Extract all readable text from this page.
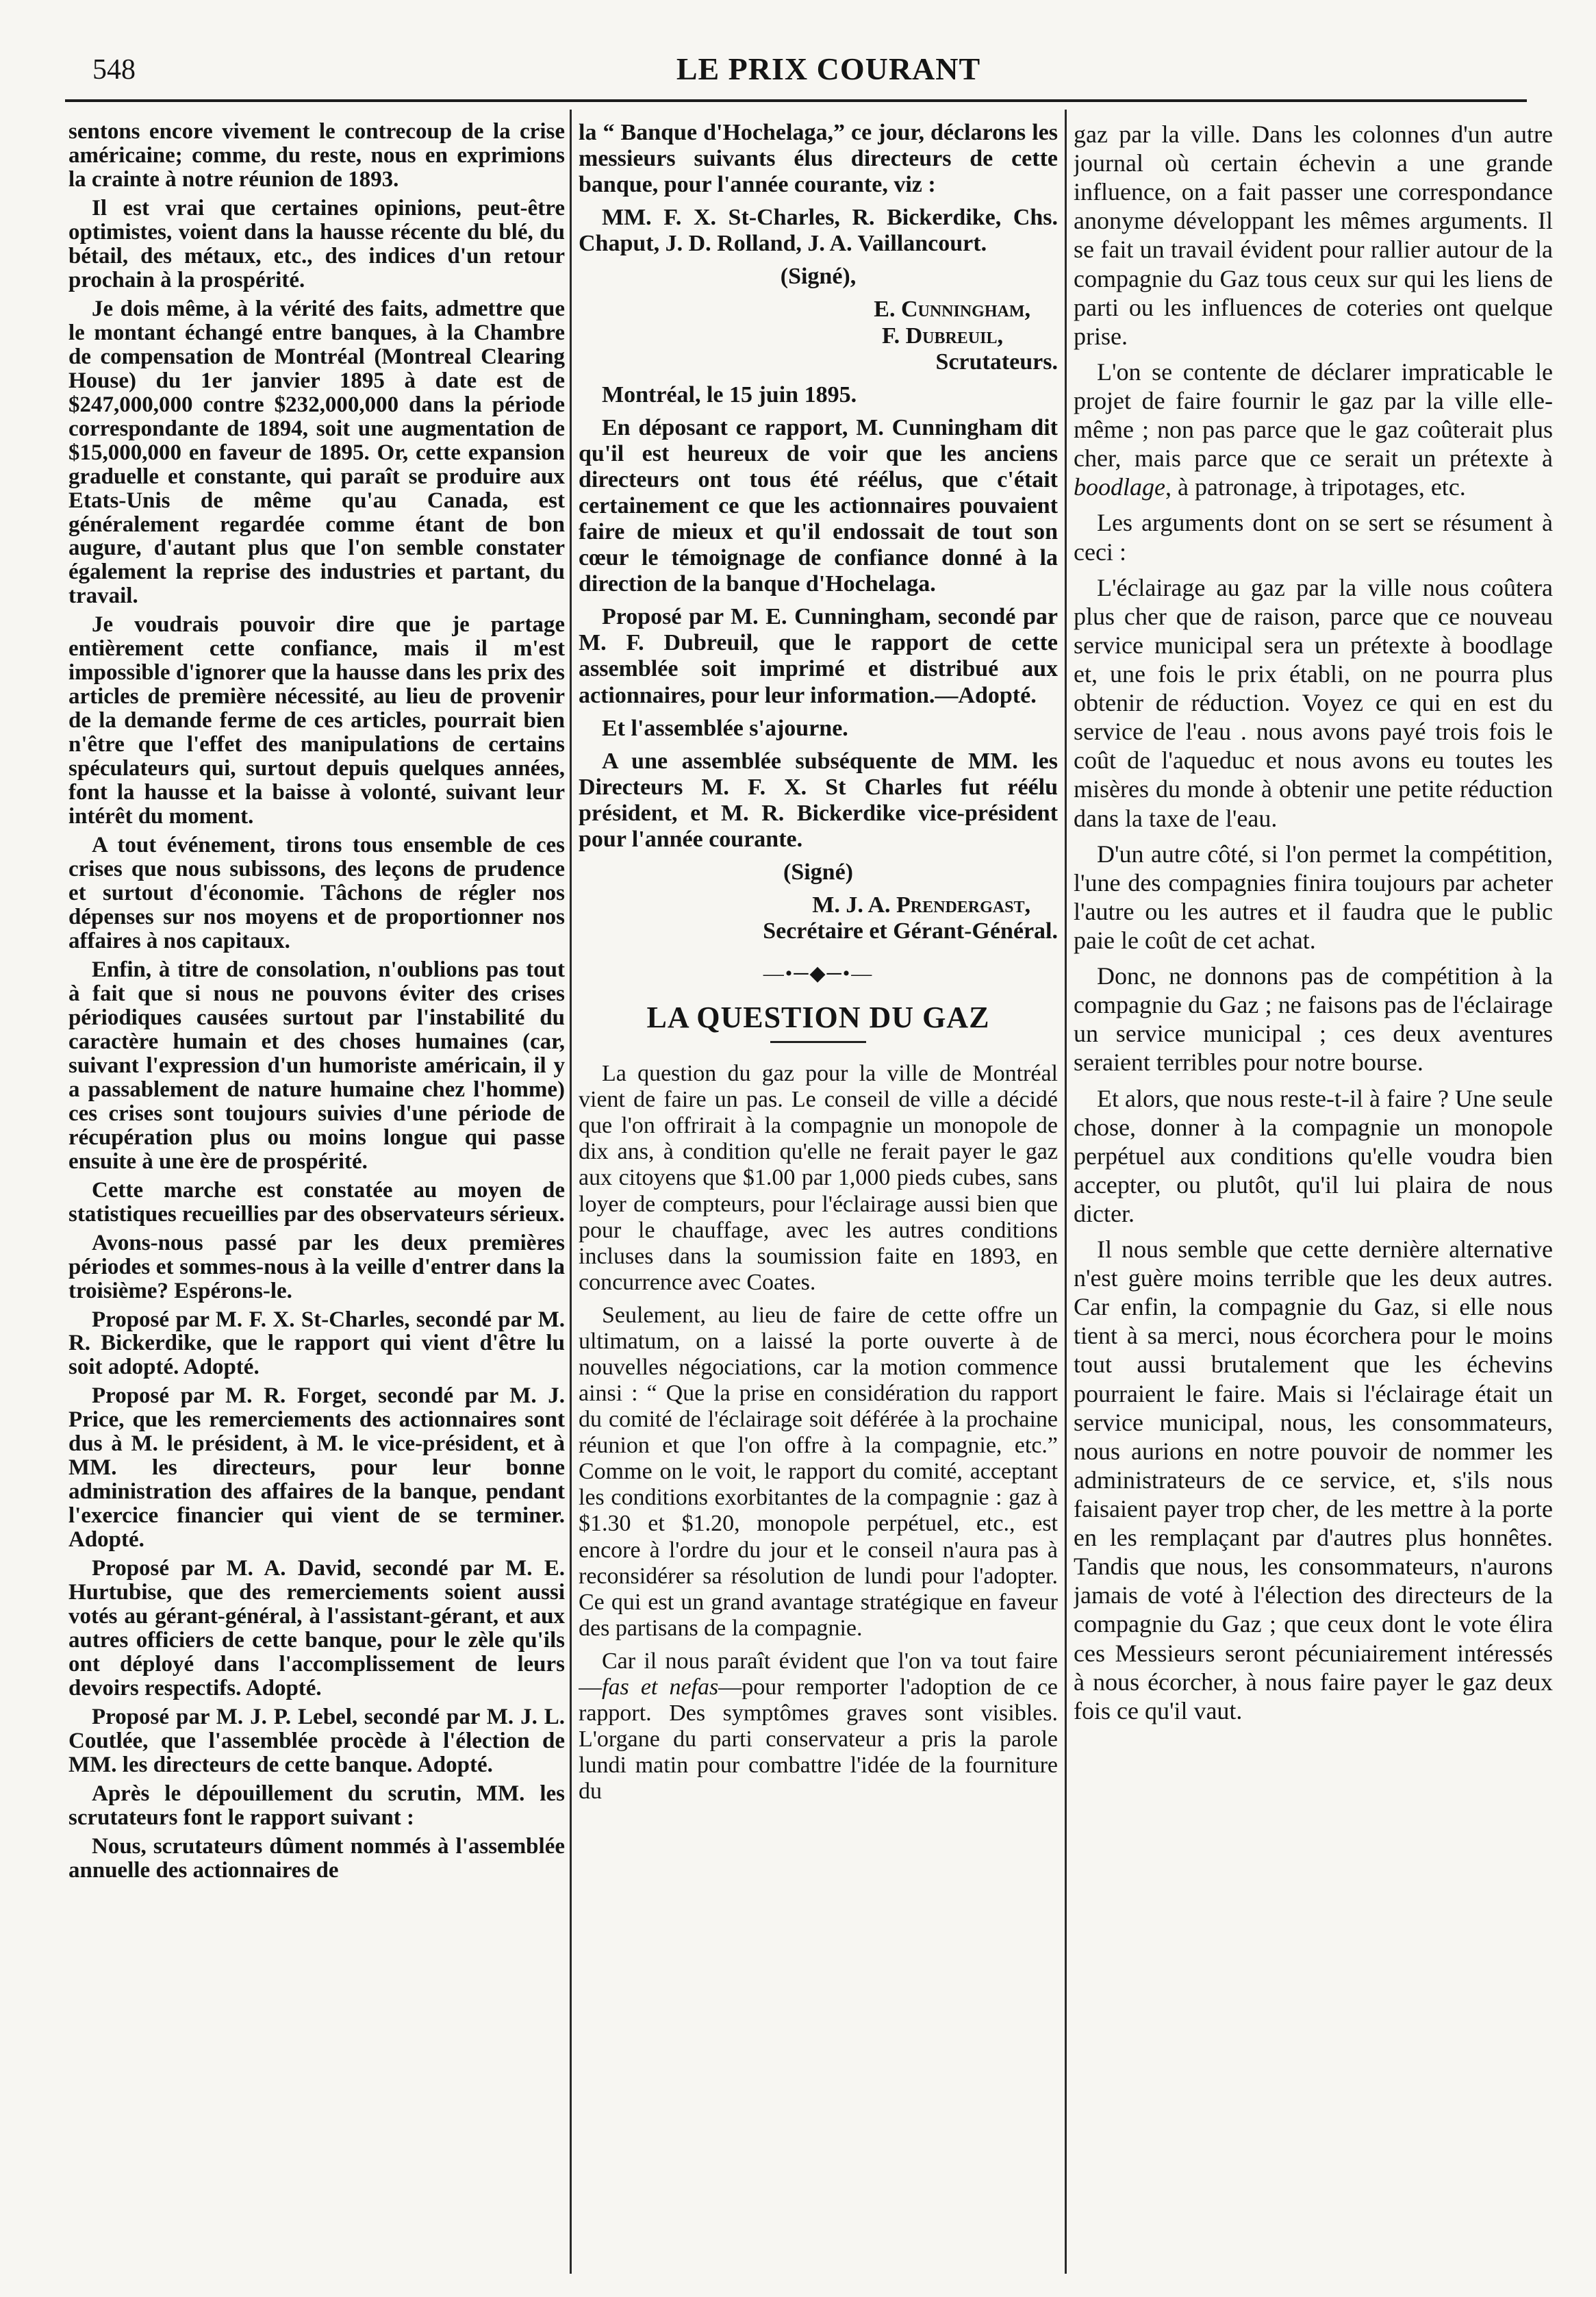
548	LE PRIX COURANT

sentons encore vivement le contrecoup de la crise américaine; comme, du reste, nous en exprimions la crainte à notre réunion de 1893.

Il est vrai que certaines opinions, peut-être optimistes, voient dans la hausse récente du blé, du bétail, des métaux, etc., des indices d'un retour prochain à la prospérité.

Je dois même, à la vérité des faits, admettre que le montant échangé entre banques, à la Chambre de compensation de Montréal (Montreal Clearing House) du 1er janvier 1895 à date est de $247,000,000 contre $232,000,000 dans la période correspondante de 1894, soit une augmentation de $15,000,000 en faveur de 1895. Or, cette expansion graduelle et constante, qui paraît se produire aux Etats-Unis de même qu'au Canada, est généralement regardée comme étant de bon augure, d'autant plus que l'on semble constater également la reprise des industries et partant, du travail.

Je voudrais pouvoir dire que je partage entièrement cette confiance, mais il m'est impossible d'ignorer que la hausse dans les prix des articles de première nécessité, au lieu de provenir de la demande ferme de ces articles, pourrait bien n'être que l'effet des manipulations de certains spéculateurs qui, surtout depuis quelques années, font la hausse et la baisse à volonté, suivant leur intérêt du moment.

A tout événement, tirons tous ensemble de ces crises que nous subissons, des leçons de prudence et surtout d'économie. Tâchons de régler nos dépenses sur nos moyens et de proportionner nos affaires à nos capitaux.

Enfin, à titre de consolation, n'oublions pas tout à fait que si nous ne pouvons éviter des crises périodiques causées surtout par l'instabilité du caractère humain et des choses humaines (car, suivant l'expression d'un humoriste américain, il y a passablement de nature humaine chez l'homme) ces crises sont toujours suivies d'une période de récupération plus ou moins longue qui passe ensuite à une ère de prospérité.

Cette marche est constatée au moyen de statistiques recueillies par des observateurs sérieux.

Avons-nous passé par les deux premières périodes et sommes-nous à la veille d'entrer dans la troisième? Espérons-le.

Proposé par M. F. X. St-Charles, secondé par M. R. Bickerdike, que le rapport qui vient d'être lu soit adopté. Adopté.

Proposé par M. R. Forget, secondé par M. J. Price, que les remerciements des actionnaires sont dus à M. le président, à M. le vice-président, et à MM. les directeurs, pour leur bonne administration des affaires de la banque, pendant l'exercice financier qui vient de se terminer. Adopté.

Proposé par M. A. David, secondé par M. E. Hurtubise, que des remerciements soient aussi votés au gérant-général, à l'assistant-gérant, et aux autres officiers de cette banque, pour le zèle qu'ils ont déployé dans l'accomplissement de leurs devoirs respectifs. Adopté.

Proposé par M. J. P. Lebel, secondé par M. J. L. Coutlée, que l'assemblée procède à l'élection de MM. les directeurs de cette banque. Adopté.

Après le dépouillement du scrutin, MM. les scrutateurs font le rapport suivant :

Nous, scrutateurs dûment nommés à l'assemblée annuelle des actionnaires de

la “ Banque d'Hochelaga,” ce jour, déclarons les messieurs suivants élus directeurs de cette banque, pour l'année courante, viz :

MM. F. X. St-Charles, R. Bickerdike, Chs. Chaput, J. D. Rolland, J. A. Vaillancourt.

(Signé),

E. Cunningham,

F. Dubreuil,

Scrutateurs.

Montréal, le 15 juin 1895.

En déposant ce rapport, M. Cunningham dit qu'il est heureux de voir que les anciens directeurs ont tous été réélus, que c'était certainement ce que les actionnaires pouvaient faire de mieux et qu'il endossait de tout son cœur le témoignage de confiance donné à la direction de la banque d'Hochelaga.

Proposé par M. E. Cunningham, secondé par M. F. Dubreuil, que le rapport de cette assemblée soit imprimé et distribué aux actionnaires, pour leur information.—Adopté.

Et l'assemblée s'ajourne.

A une assemblée subséquente de MM. les Directeurs M. F. X. St Charles fut réélu président, et M. R. Bickerdike vice-président pour l'année courante.

(Signé)

M. J. A. Prendergast,

Secrétaire et Gérant-Général.

—•─◆─•—
LA QUESTION DU GAZ

La question du gaz pour la ville de Montréal vient de faire un pas. Le conseil de ville a décidé que l'on offrirait à la compagnie un monopole de dix ans, à condition qu'elle ne ferait payer le gaz aux citoyens que $1.00 par 1,000 pieds cubes, sans loyer de compteurs, pour l'éclairage aussi bien que pour le chauffage, avec les autres conditions incluses dans la soumission faite en 1893, en concurrence avec Coates.

Seulement, au lieu de faire de cette offre un ultimatum, on a laissé la porte ouverte à de nouvelles négociations, car la motion commence ainsi : “ Que la prise en considération du rapport du comité de l'éclairage soit déférée à la prochaine réunion et que l'on offre à la compagnie, etc.” Comme on le voit, le rapport du comité, acceptant les conditions exorbitantes de la compagnie : gaz à $1.30 et $1.20, monopole perpétuel, etc., est encore à l'ordre du jour et le conseil n'aura pas à reconsidérer sa résolution de lundi pour l'adopter. Ce qui est un grand avantage stratégique en faveur des partisans de la compagnie.

Car il nous paraît évident que l'on va tout faire—fas et nefas—pour remporter l'adoption de ce rapport. Des symptômes graves sont visibles. L'organe du parti conservateur a pris la parole lundi matin pour combattre l'idée de la fourniture du

gaz par la ville. Dans les colonnes d'un autre journal où certain échevin a une grande influence, on a fait passer une correspondance anonyme développant les mêmes arguments. Il se fait un travail évident pour rallier autour de la compagnie du Gaz tous ceux sur qui les liens de parti ou les influences de coteries ont quelque prise.

L'on se contente de déclarer impraticable le projet de faire fournir le gaz par la ville elle-même ; non pas parce que le gaz coûterait plus cher, mais parce que ce serait un prétexte à boodlage, à patronage, à tripotages, etc.

Les arguments dont on se sert se résument à ceci :

L'éclairage au gaz par la ville nous coûtera plus cher que de raison, parce que ce nouveau service municipal sera un prétexte à boodlage et, une fois le prix établi, on ne pourra plus obtenir de réduction. Voyez ce qui en est du service de l'eau . nous avons payé trois fois le coût de l'aqueduc et nous avons eu toutes les misères du monde à obtenir une petite réduction dans la taxe de l'eau.

D'un autre côté, si l'on permet la compétition, l'une des compagnies finira toujours par acheter l'autre ou les autres et il faudra que le public paie le coût de cet achat.

Donc, ne donnons pas de compétition à la compagnie du Gaz ; ne faisons pas de l'éclairage un service municipal ; ces deux aventures seraient terribles pour notre bourse.

Et alors, que nous reste-t-il à faire ? Une seule chose, donner à la compagnie un monopole perpétuel aux conditions qu'elle voudra bien accepter, ou plutôt, qu'il lui plaira de nous dicter.

Il nous semble que cette dernière alternative n'est guère moins terrible que les deux autres. Car enfin, la compagnie du Gaz, si elle nous tient à sa merci, nous écorchera pour le moins tout aussi brutalement que les échevins pourraient le faire. Mais si l'éclairage était un service municipal, nous, les consommateurs, nous aurions en notre pouvoir de nommer les administrateurs de ce service, et, s'ils nous faisaient payer trop cher, de les mettre à la porte en les remplaçant par d'autres plus honnêtes. Tandis que nous, les consommateurs, n'aurons jamais de voté à l'élection des directeurs de la compagnie du Gaz ; que ceux dont le vote élira ces Messieurs seront pécuniairement intéressés à nous écorcher, à nous faire payer le gaz deux fois ce qu'il vaut.
